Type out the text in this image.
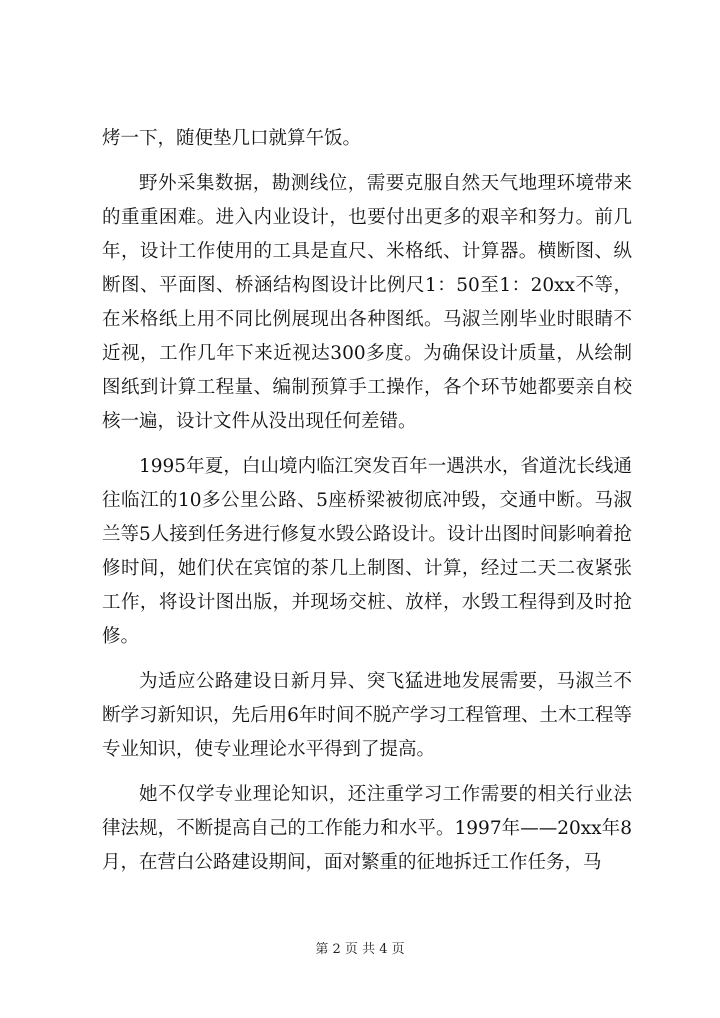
烤一下，随便垫几口就算午饭。

野外采集数据，勘测线位，需要克服自然天气地理环境带来的重重困难。进入内业设计，也要付出更多的艰辛和努力。前几年，设计工作使用的工具是直尺、米格纸、计算器。横断图、纵断图、平面图、桥涵结构图设计比例尺1：50至1：20xx不等，在米格纸上用不同比例展现出各种图纸。马淑兰刚毕业时眼睛不近视，工作几年下来近视达300多度。为确保设计质量，从绘制图纸到计算工程量、编制预算手工操作，各个环节她都要亲自校核一遍，设计文件从没出现任何差错。

1995年夏，白山境内临江突发百年一遇洪水，省道沈长线通往临江的10多公里公路、5座桥梁被彻底冲毁，交通中断。马淑兰等5人接到任务进行修复水毁公路设计。设计出图时间影响着抢修时间，她们伏在宾馆的茶几上制图、计算，经过二天二夜紧张工作，将设计图出版，并现场交桩、放样，水毁工程得到及时抢修。

为适应公路建设日新月异、突飞猛进地发展需要，马淑兰不断学习新知识，先后用6年时间不脱产学习工程管理、土木工程等专业知识，使专业理论水平得到了提高。

她不仅学专业理论知识，还注重学习工作需要的相关行业法律法规，不断提高自己的工作能力和水平。1997年——20xx年8月，在营白公路建设期间，面对繁重的征地拆迁工作任务，马

第 2 页 共 4 页
